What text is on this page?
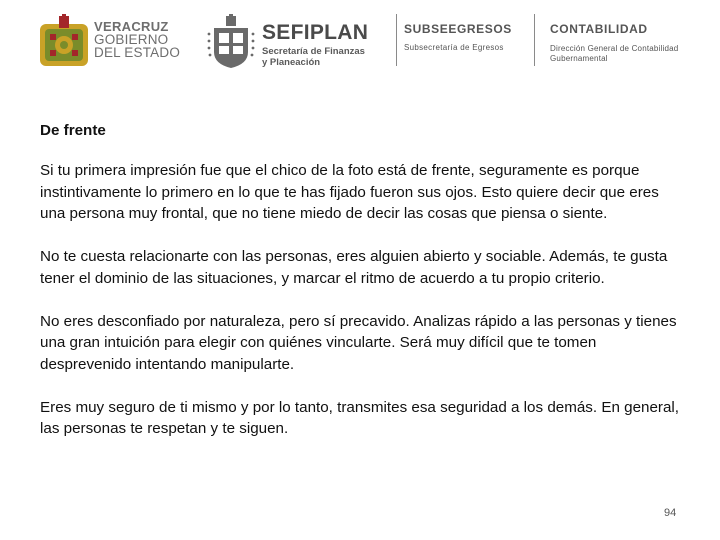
VERACRUZ
GOBIERNO
DEL ESTADO
SEFIPLAN
Secretaría de Finanzas
y Planeación
SUBSEEGRESOS
Subsecretaría de Egresos
CONTABILIDAD
Dirección General de Contabilidad
Gubernamental
De frente

Si tu primera impresión fue que el chico de la foto está de frente, seguramente es porque instintivamente lo primero en lo que te has fijado fueron sus ojos. Esto quiere decir que eres una persona muy frontal, que no tiene miedo de decir las cosas que piensa o siente.

No te cuesta relacionarte con las personas, eres alguien abierto y sociable. Además, te gusta tener el dominio de las situaciones, y marcar el ritmo de acuerdo a tu propio criterio.

No eres desconfiado por naturaleza, pero sí precavido. Analizas rápido a las personas y tienes una gran intuición para elegir con quiénes vincularte. Será muy difícil que te tomen desprevenido intentando manipularte.

Eres muy seguro de ti mismo y por lo tanto, transmites esa seguridad a los demás. En general, las personas te respetan y te siguen.

94
